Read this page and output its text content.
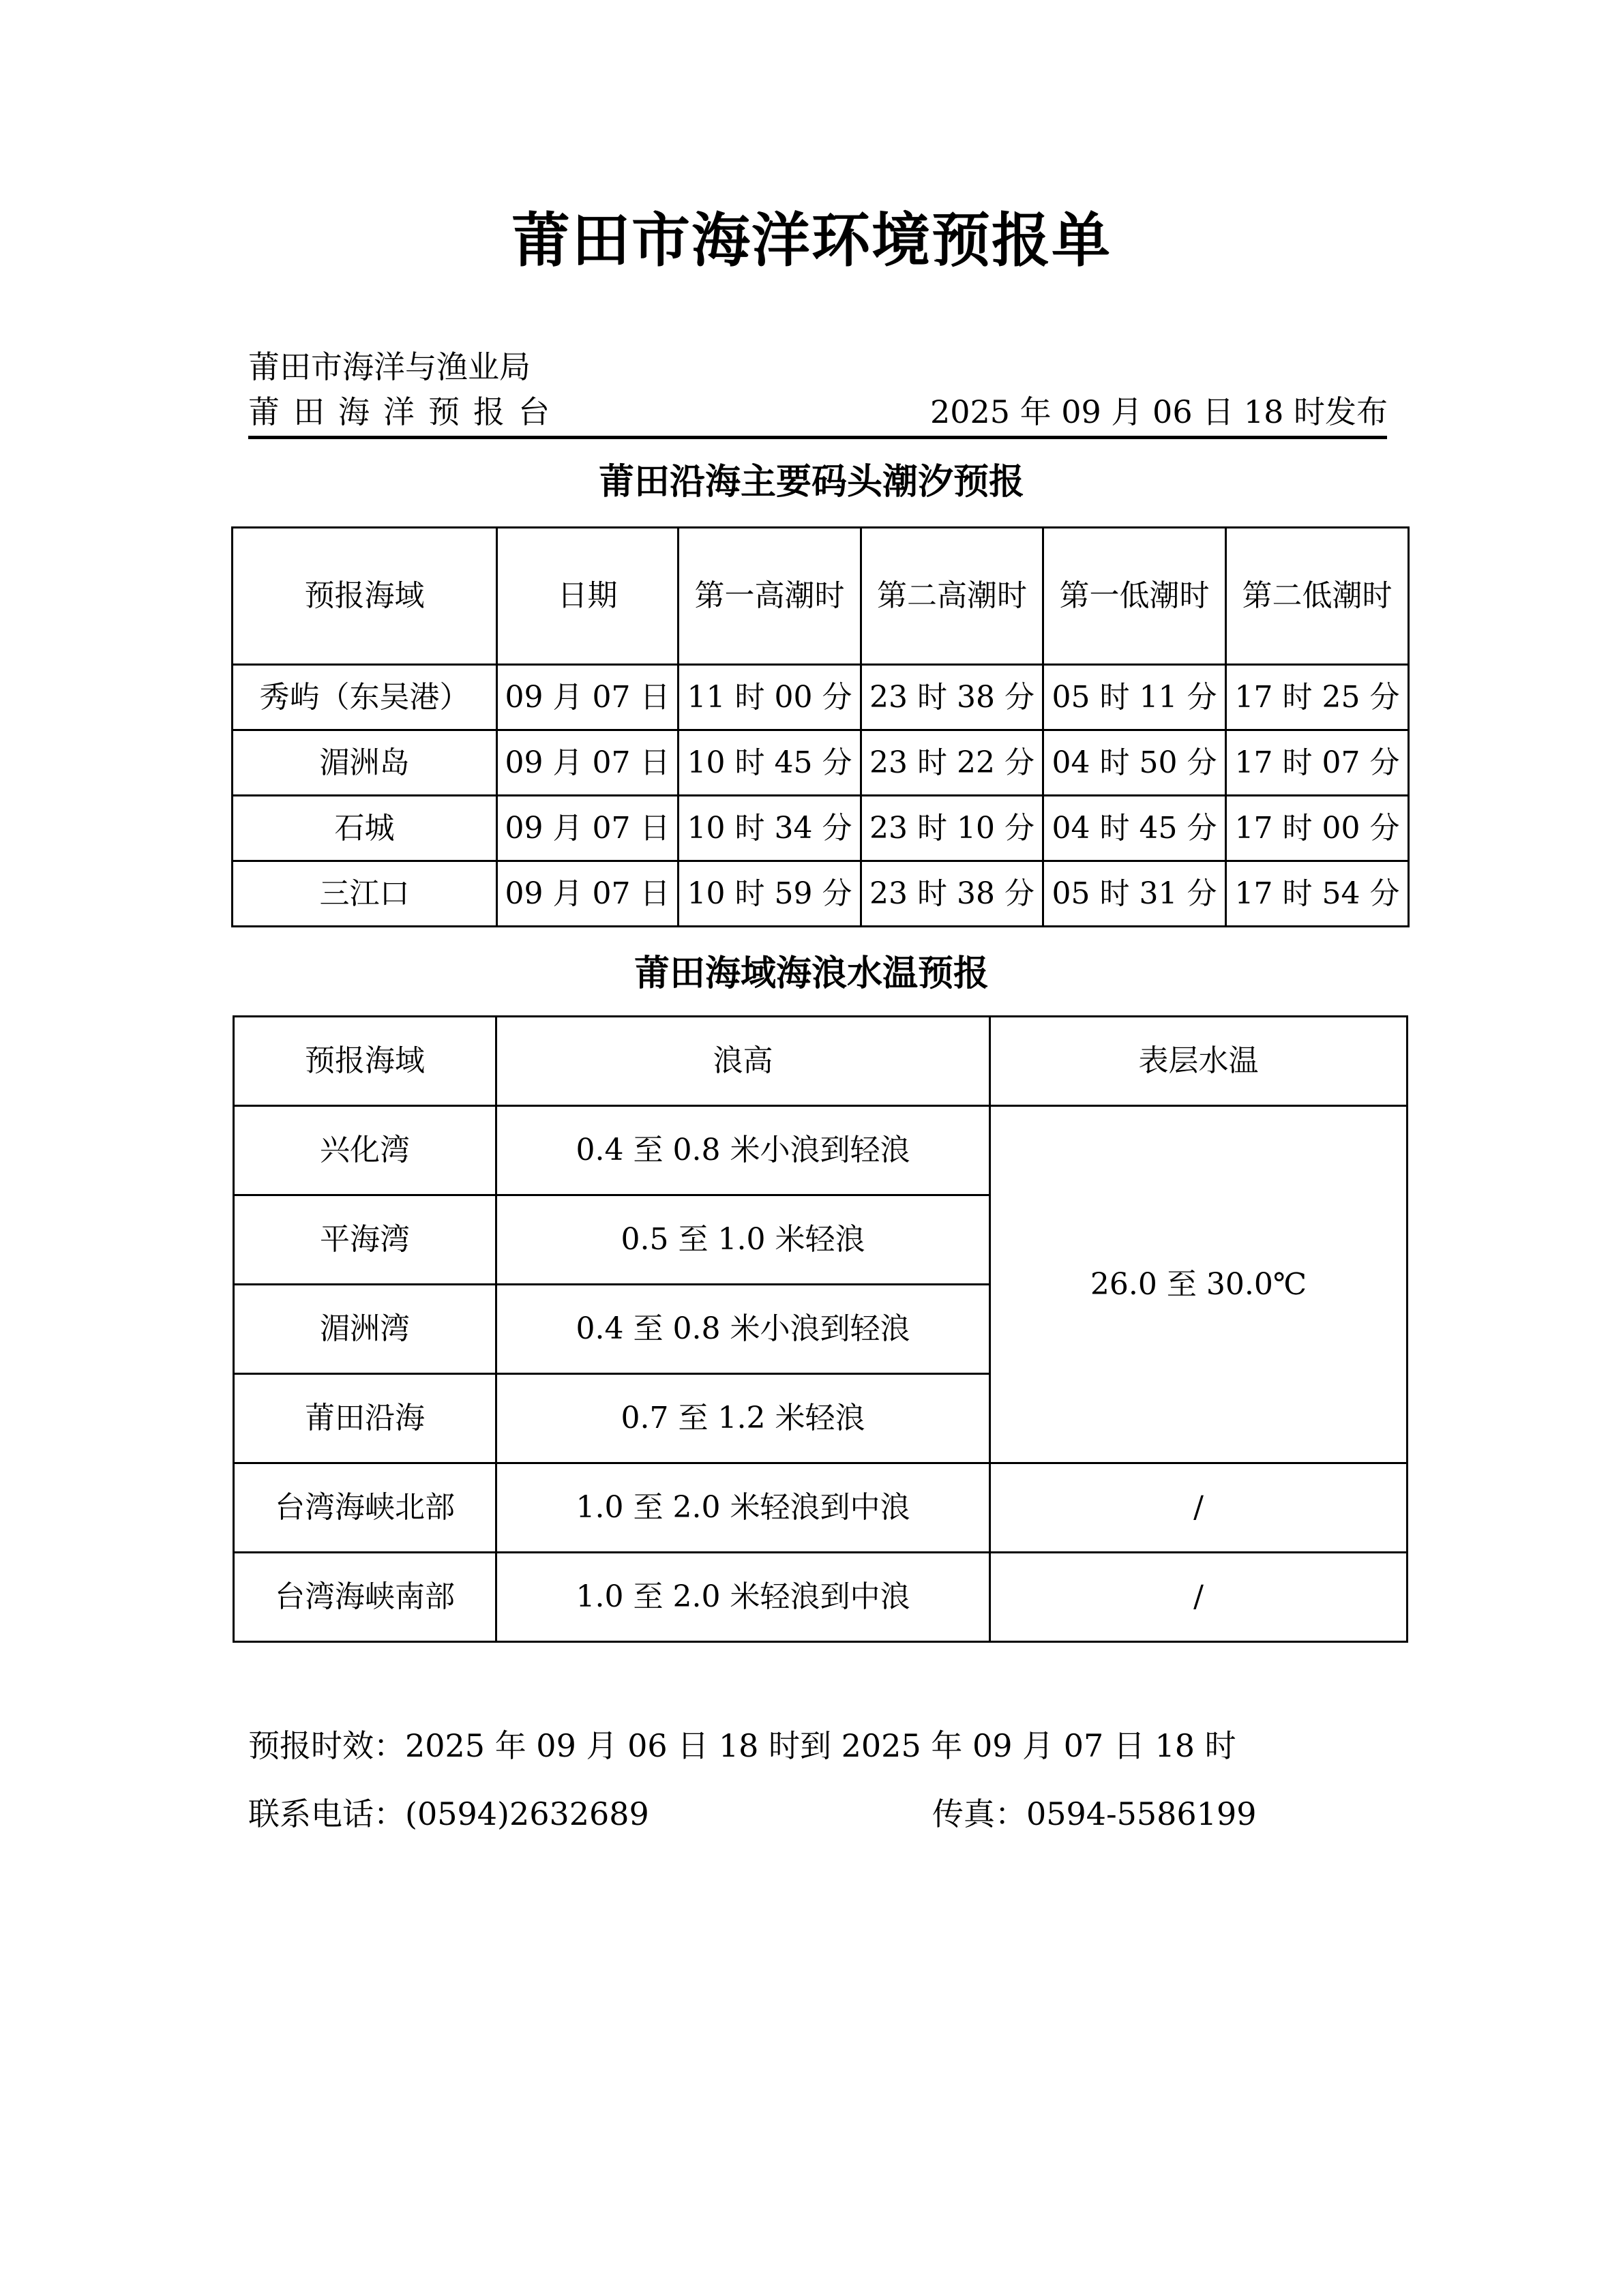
莆田市海洋环境预报单
莆田市海洋与渔业局
莆田海洋预报台	2025 年 09 月 06 日 18 时发布
莆田沿海主要码头潮汐预报
预报海域	日期	第一高潮时	第二高潮时	第一低潮时	第二低潮时
秀屿（东吴港）	09 月 07 日	11 时 00 分	23 时 38 分	05 时 11 分	17 时 25 分
湄洲岛	09 月 07 日	10 时 45 分	23 时 22 分	04 时 50 分	17 时 07 分
石城	09 月 07 日	10 时 34 分	23 时 10 分	04 时 45 分	17 时 00 分
三江口	09 月 07 日	10 时 59 分	23 时 38 分	05 时 31 分	17 时 54 分
莆田海域海浪水温预报
预报海域	浪高	表层水温
兴化湾	0.4 至 0.8 米小浪到轻浪	26.0 至 30.0℃
平海湾	0.5 至 1.0 米轻浪	
湄洲湾	0.4 至 0.8 米小浪到轻浪	
莆田沿海	0.7 至 1.2 米轻浪	
台湾海峡北部	1.0 至 2.0 米轻浪到中浪	/
台湾海峡南部	1.0 至 2.0 米轻浪到中浪	/
预报时效：2025 年 09 月 06 日 18 时到 2025 年 09 月 07 日 18 时
联系电话：(0594)2632689	传真：0594-5586199
